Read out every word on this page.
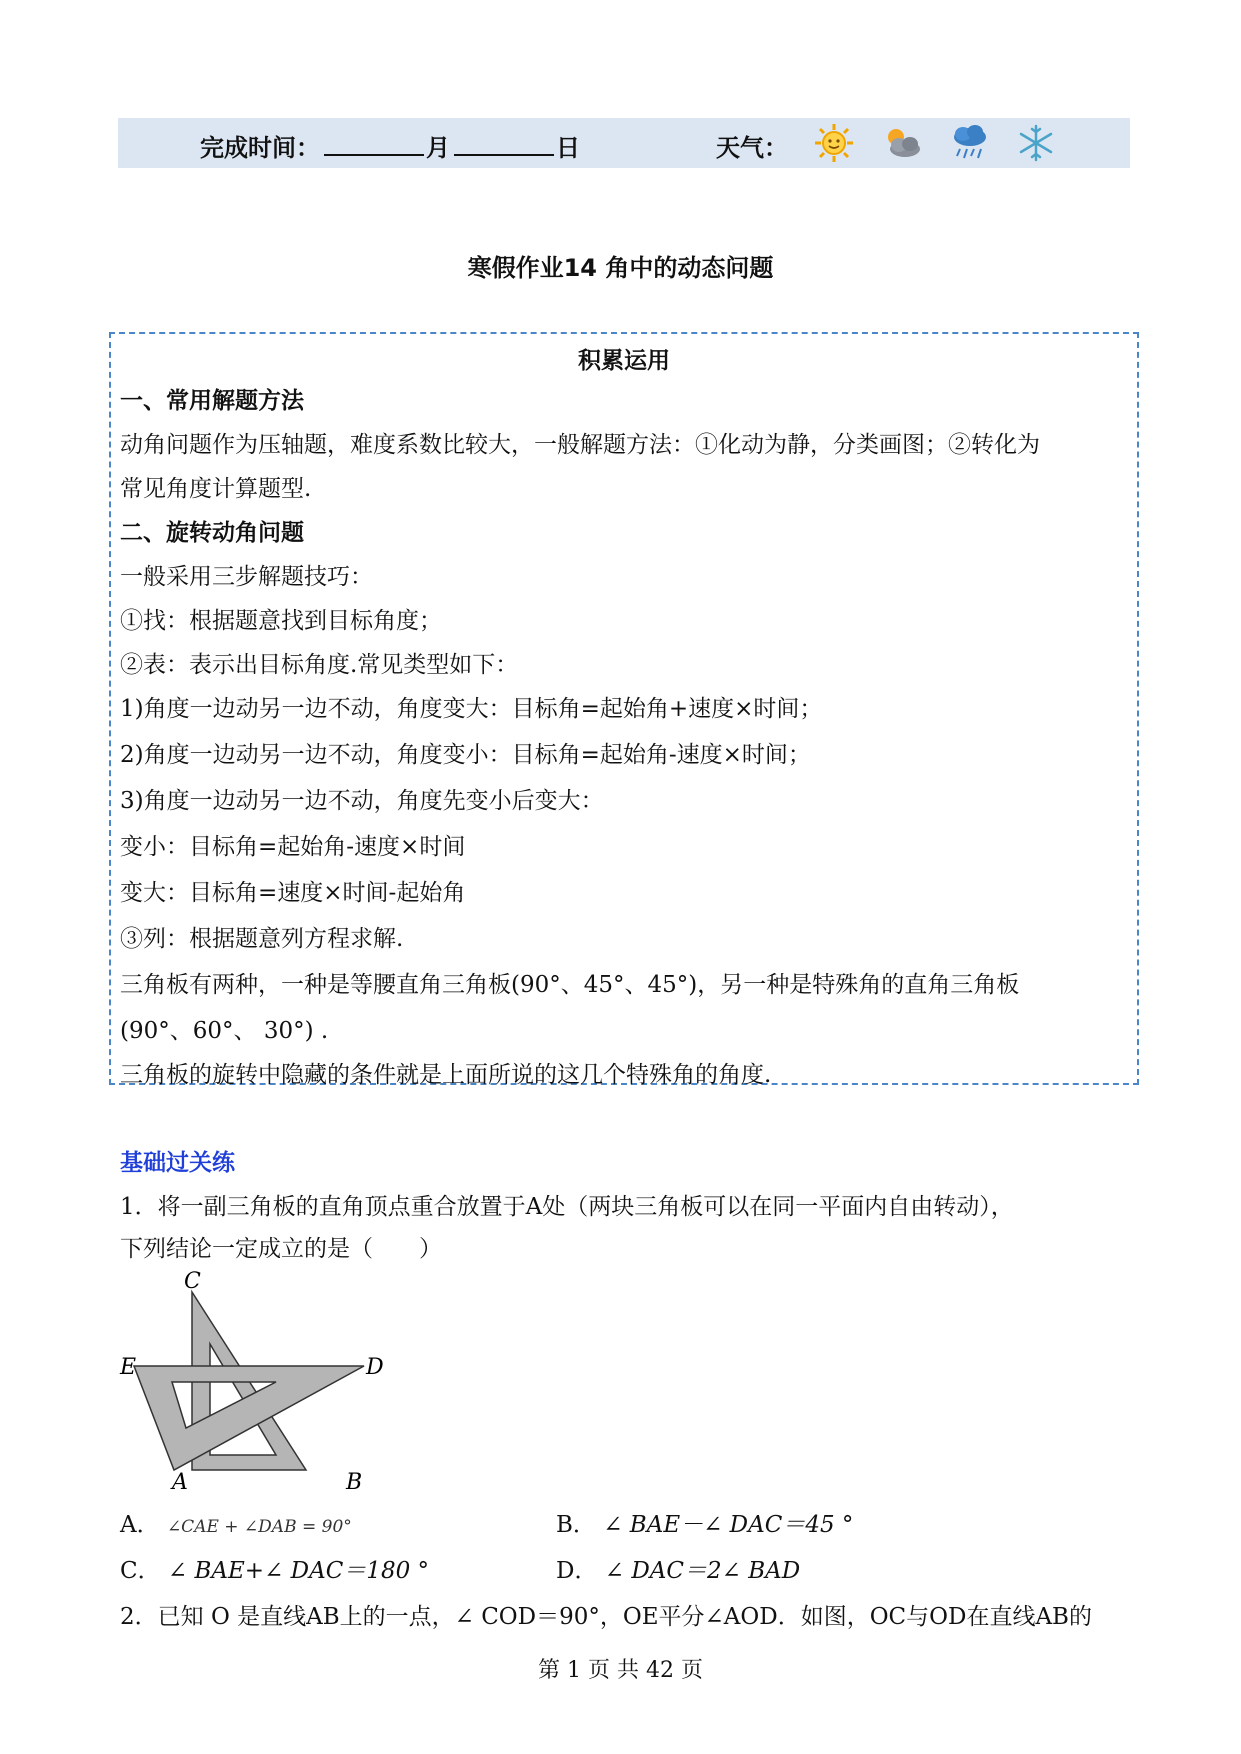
完成时间：	月	日	天气：
寒假作业14 角中的动态问题
积累运用
一、常用解题方法
动角问题作为压轴题，难度系数比较大，一般解题方法：①化动为静，分类画图；②转化为
常见角度计算题型.
二、旋转动角问题
一般采用三步解题技巧：
①找：根据题意找到目标角度；
②表：表示出目标角度.常见类型如下：
1)角度一边动另一边不动，角度变大：目标角=起始角+速度×时间；
2)角度一边动另一边不动，角度变小：目标角=起始角-速度×时间；
3)角度一边动另一边不动，角度先变小后变大：
变小：目标角=起始角-速度×时间
变大：目标角=速度×时间-起始角
③列：根据题意列方程求解.
三角板有两种，一种是等腰直角三角板(90°、45°、45°)，另一种是特殊角的直角三角板
(90°、60°、 30°) .
三角板的旋转中隐藏的条件就是上面所说的这几个特殊角的角度.
基础过关练
1．将一副三角板的直角顶点重合放置于A处（两块三角板可以在同一平面内自由转动），
下列结论一定成立的是（　　）
C
E	D
A	B
A． ∠CAE + ∠DAB = 90°	B． ∠ BAE－∠ DAC＝45 °
C． ∠ BAE+∠ DAC＝180 °	D． ∠ DAC＝2∠ BAD
2．已知 O 是直线AB上的一点，∠ COD＝90°，OE平分∠AOD．如图，OC与OD在直线AB的
第 1 页 共 42 页
